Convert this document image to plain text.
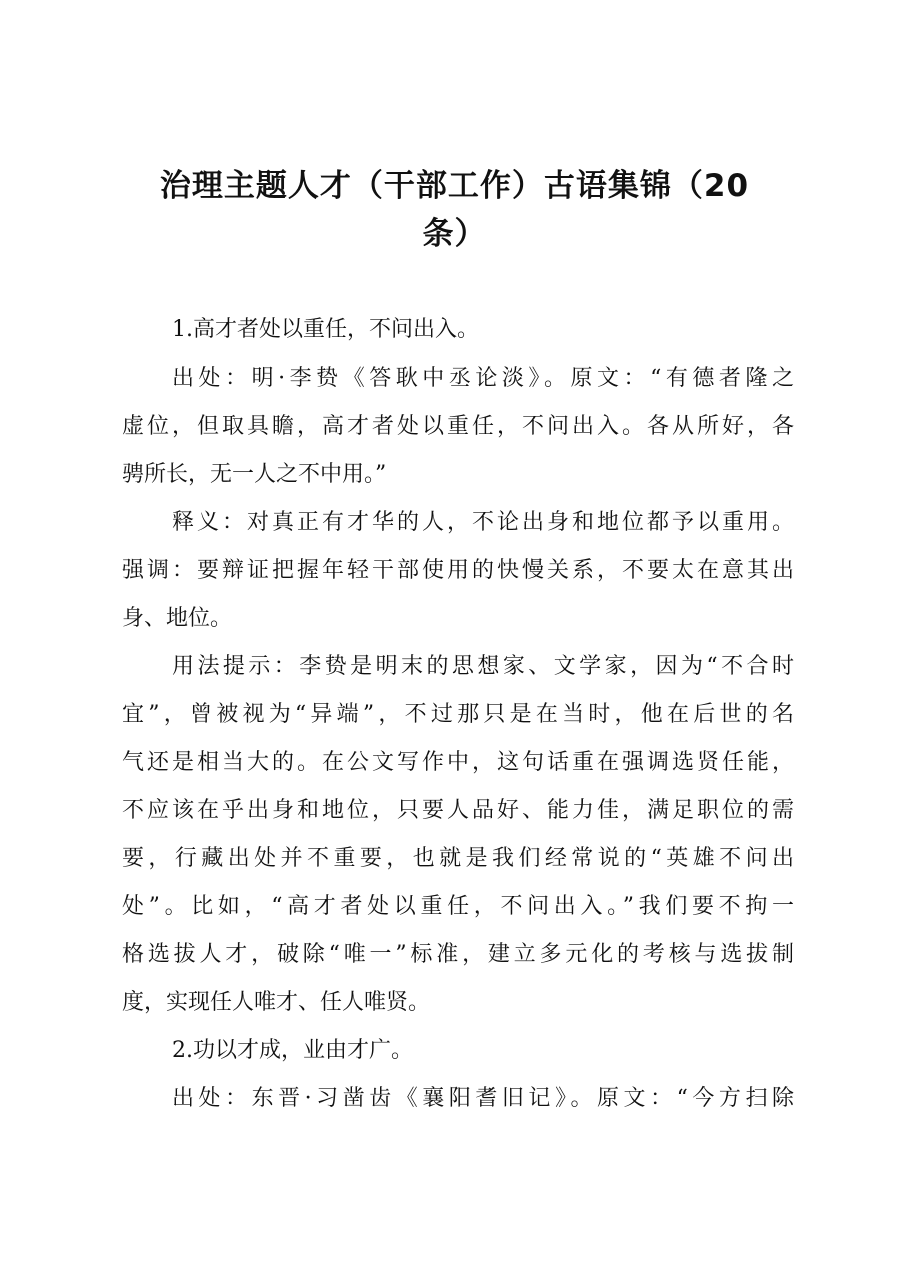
治理主题人才（干部工作）古语集锦（20
条）
1.高才者处以重任，不问出入。
出处：明·李贽《答耿中丞论淡》。原文：“有德者隆之
虚位，但取具瞻，高才者处以重任，不问出入。各从所好，各
骋所长，无一人之不中用。”
释义：对真正有才华的人，不论出身和地位都予以重用。
强调：要辩证把握年轻干部使用的快慢关系，不要太在意其出
身、地位。
用法提示：李贽是明末的思想家、文学家，因为“不合时
宜”，曾被视为“异端”，不过那只是在当时，他在后世的名
气还是相当大的。在公文写作中，这句话重在强调选贤任能，
不应该在乎出身和地位，只要人品好、能力佳，满足职位的需
要，行藏出处并不重要，也就是我们经常说的“英雄不问出
处”。比如，“高才者处以重任，不问出入。”我们要不拘一
格选拔人才，破除“唯一”标准，建立多元化的考核与选拔制
度，实现任人唯才、任人唯贤。
2.功以才成，业由才广。
出处：东晋·习凿齿《襄阳耆旧记》。原文：“今方扫除
